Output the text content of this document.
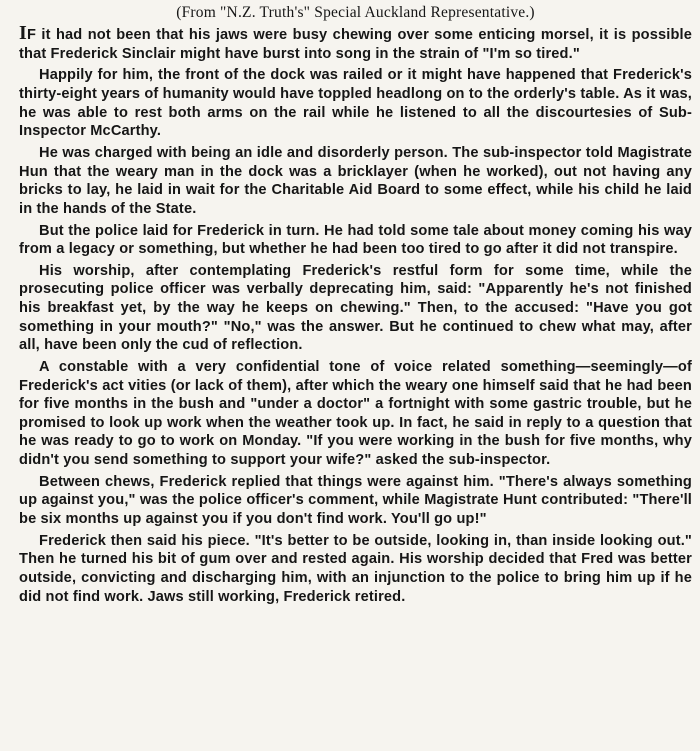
(From "N.Z. Truth's" Special Auckland Representative.)

IF it had not been that his jaws were busy chewing over some enticing morsel, it is possible that Frederick Sinclair might have burst into song in the strain of "I'm so tired."

Happily for him, the front of the dock was railed or it might have happened that Frederick's thirty-eight years of humanity would have toppled headlong on to the orderly's table. As it was, he was able to rest both arms on the rail while he listened to all the discourtesies of Sub-Inspector McCarthy.

He was charged with being an idle and disorderly person. The sub-inspector told Magistrate Hun that the weary man in the dock was a bricklayer (when he worked), out not having any bricks to lay, he laid in wait for the Charitable Aid Board to some effect, while his child he laid in the hands of the State.

But the police laid for Frederick in turn. He had told some tale about money coming his way from a legacy or something, but whether he had been too tired to go after it did not transpire.

His worship, after contemplating Frederick's restful form for some time, while the prosecuting police officer was verbally deprecating him, said: "Apparently he's not finished his breakfast yet, by the way he keeps on chewing." Then, to the accused: "Have you got something in your mouth?" "No," was the answer. But he continued to chew what may, after all, have been only the cud of reflection.

A constable with a very confidential tone of voice related something—seemingly—of Frederick's act vities (or lack of them), after which the weary one himself said that he had been for five months in the bush and "under a doctor" a fortnight with some gastric trouble, but he promised to look up work when the weather took up. In fact, he said in reply to a question that he was ready to go to work on Monday. "If you were working in the bush for five months, why didn't you send something to support your wife?" asked the sub-inspector.

Between chews, Frederick replied that things were against him. "There's always something up against you," was the police officer's comment, while Magistrate Hunt contributed: "There'll be six months up against you if you don't find work. You'll go up!"

Frederick then said his piece. "It's better to be outside, looking in, than inside looking out." Then he turned his bit of gum over and rested again. His worship decided that Fred was better outside, convicting and discharging him, with an injunction to the police to bring him up if he did not find work. Jaws still working, Frederick retired.
